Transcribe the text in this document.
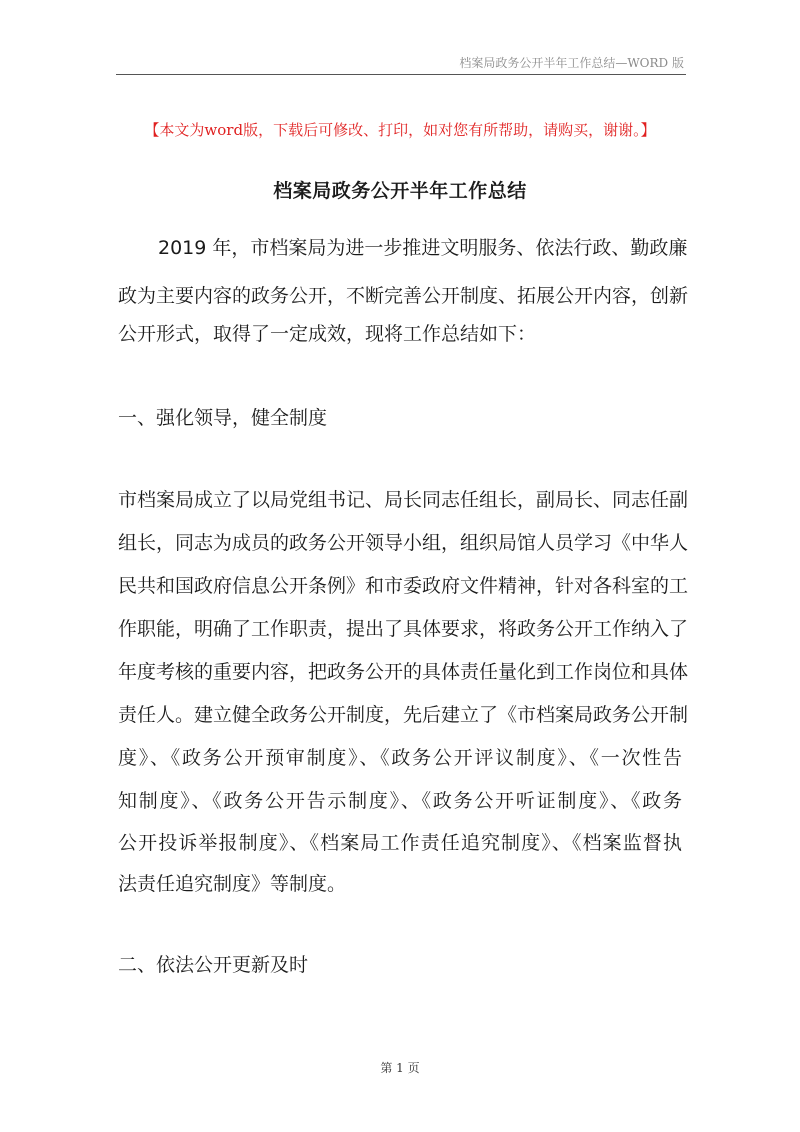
档案局政务公开半年工作总结—WORD 版
【本文为word版，下载后可修改、打印，如对您有所帮助，请购买，谢谢。】
档案局政务公开半年工作总结
2019 年，市档案局为进一步推进文明服务、依法行政、勤政廉
政为主要内容的政务公开，不断完善公开制度、拓展公开内容，创新
公开形式，取得了一定成效，现将工作总结如下：
一、强化领导，健全制度
市档案局成立了以局党组书记、局长同志任组长，副局长、同志任副
组长，同志为成员的政务公开领导小组，组织局馆人员学习《中华人
民共和国政府信息公开条例》和市委政府文件精神，针对各科室的工
作职能，明确了工作职责，提出了具体要求，将政务公开工作纳入了
年度考核的重要内容，把政务公开的具体责任量化到工作岗位和具体
责任人。建立健全政务公开制度，先后建立了《市档案局政务公开制
度》、《政务公开预审制度》、《政务公开评议制度》、《一次性告
知制度》、《政务公开告示制度》、《政务公开听证制度》、《政务
公开投诉举报制度》、《档案局工作责任追究制度》、《档案监督执
法责任追究制度》等制度。
二、依法公开更新及时
第 1 页
